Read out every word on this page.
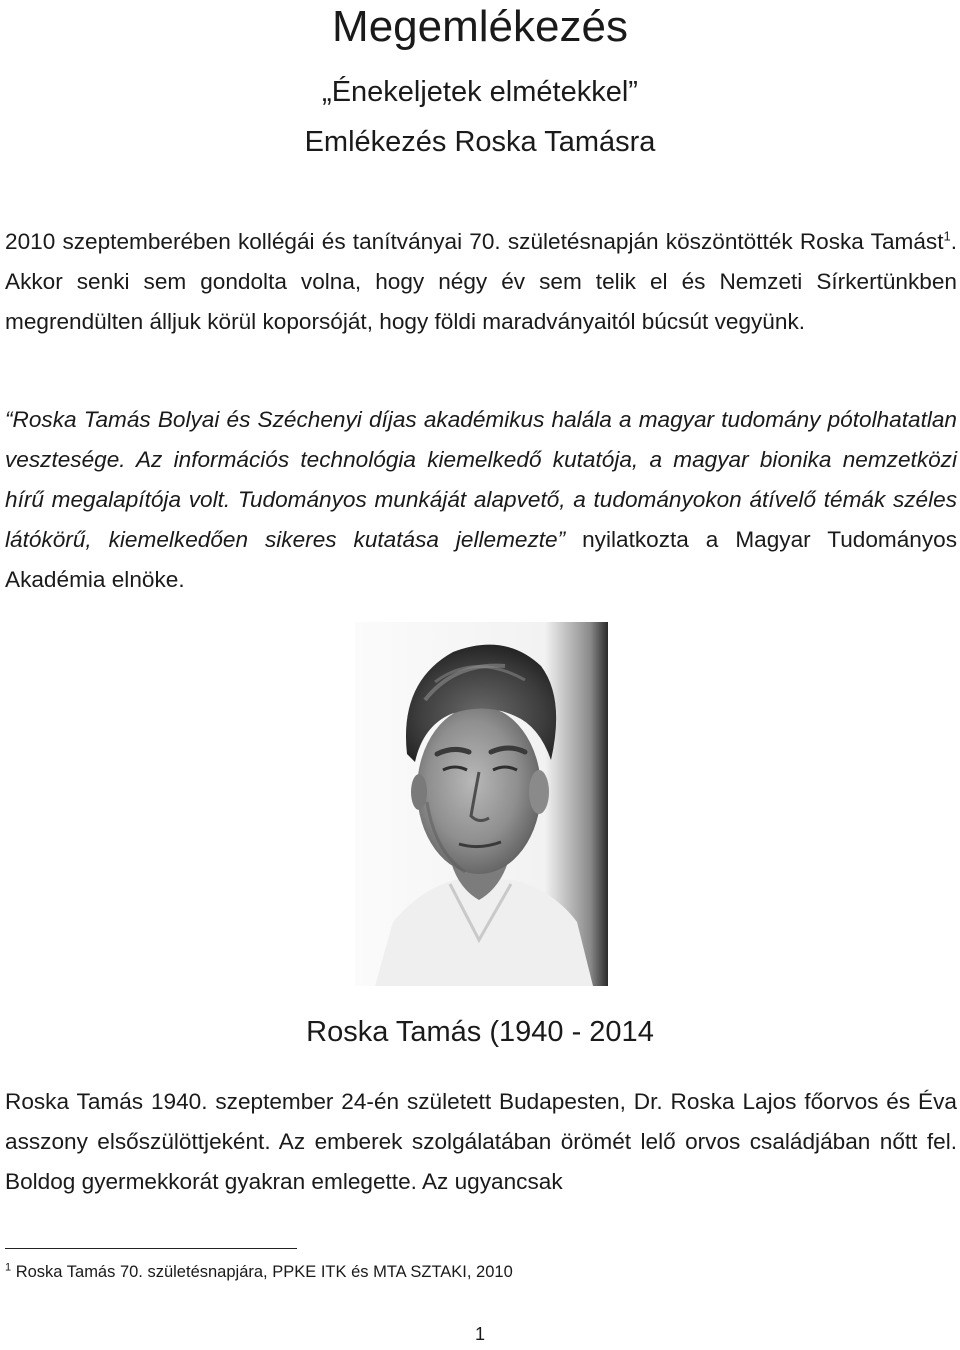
Megemlékezés
„Énekeljetek elmétekkel”
Emlékezés Roska Tamásra

2010 szeptemberében kollégái és tanítványai 70. születésnapján köszöntötték Roska Tamást$^1$. Akkor senki sem gondolta volna, hogy négy év sem telik el és Nemzeti Sírkertünkben megrendülten álljuk körül koporsóját, hogy földi maradványaitól búcsút vegyünk.

“Roska Tamás Bolyai és Széchenyi díjas akadémikus halála a magyar tudomány pótolhatatlan vesztesége. Az információs technológia kiemelkedő kutatója, a magyar bionika nemzetközi hírű megalapítója volt. Tudományos munkáját alapvető, a tudományokon átívelő témák széles látókörű, kiemelkedően sikeres kutatása jellemezte” nyilatkozta a Magyar Tudományos Akadémia elnöke.

Roska Tamás (1940 - 2014

Roska Tamás 1940. szeptember 24-én született Budapesten, Dr. Roska Lajos főorvos és Éva asszony elsőszülöttjeként. Az emberek szolgálatában örömét lelő orvos családjában nőtt fel. Boldog gyermekkorát gyakran emlegette. Az ugyancsak

$^1$ Roska Tamás 70. születésnapjára, PPKE ITK és MTA SZTAKI, 2010
1
